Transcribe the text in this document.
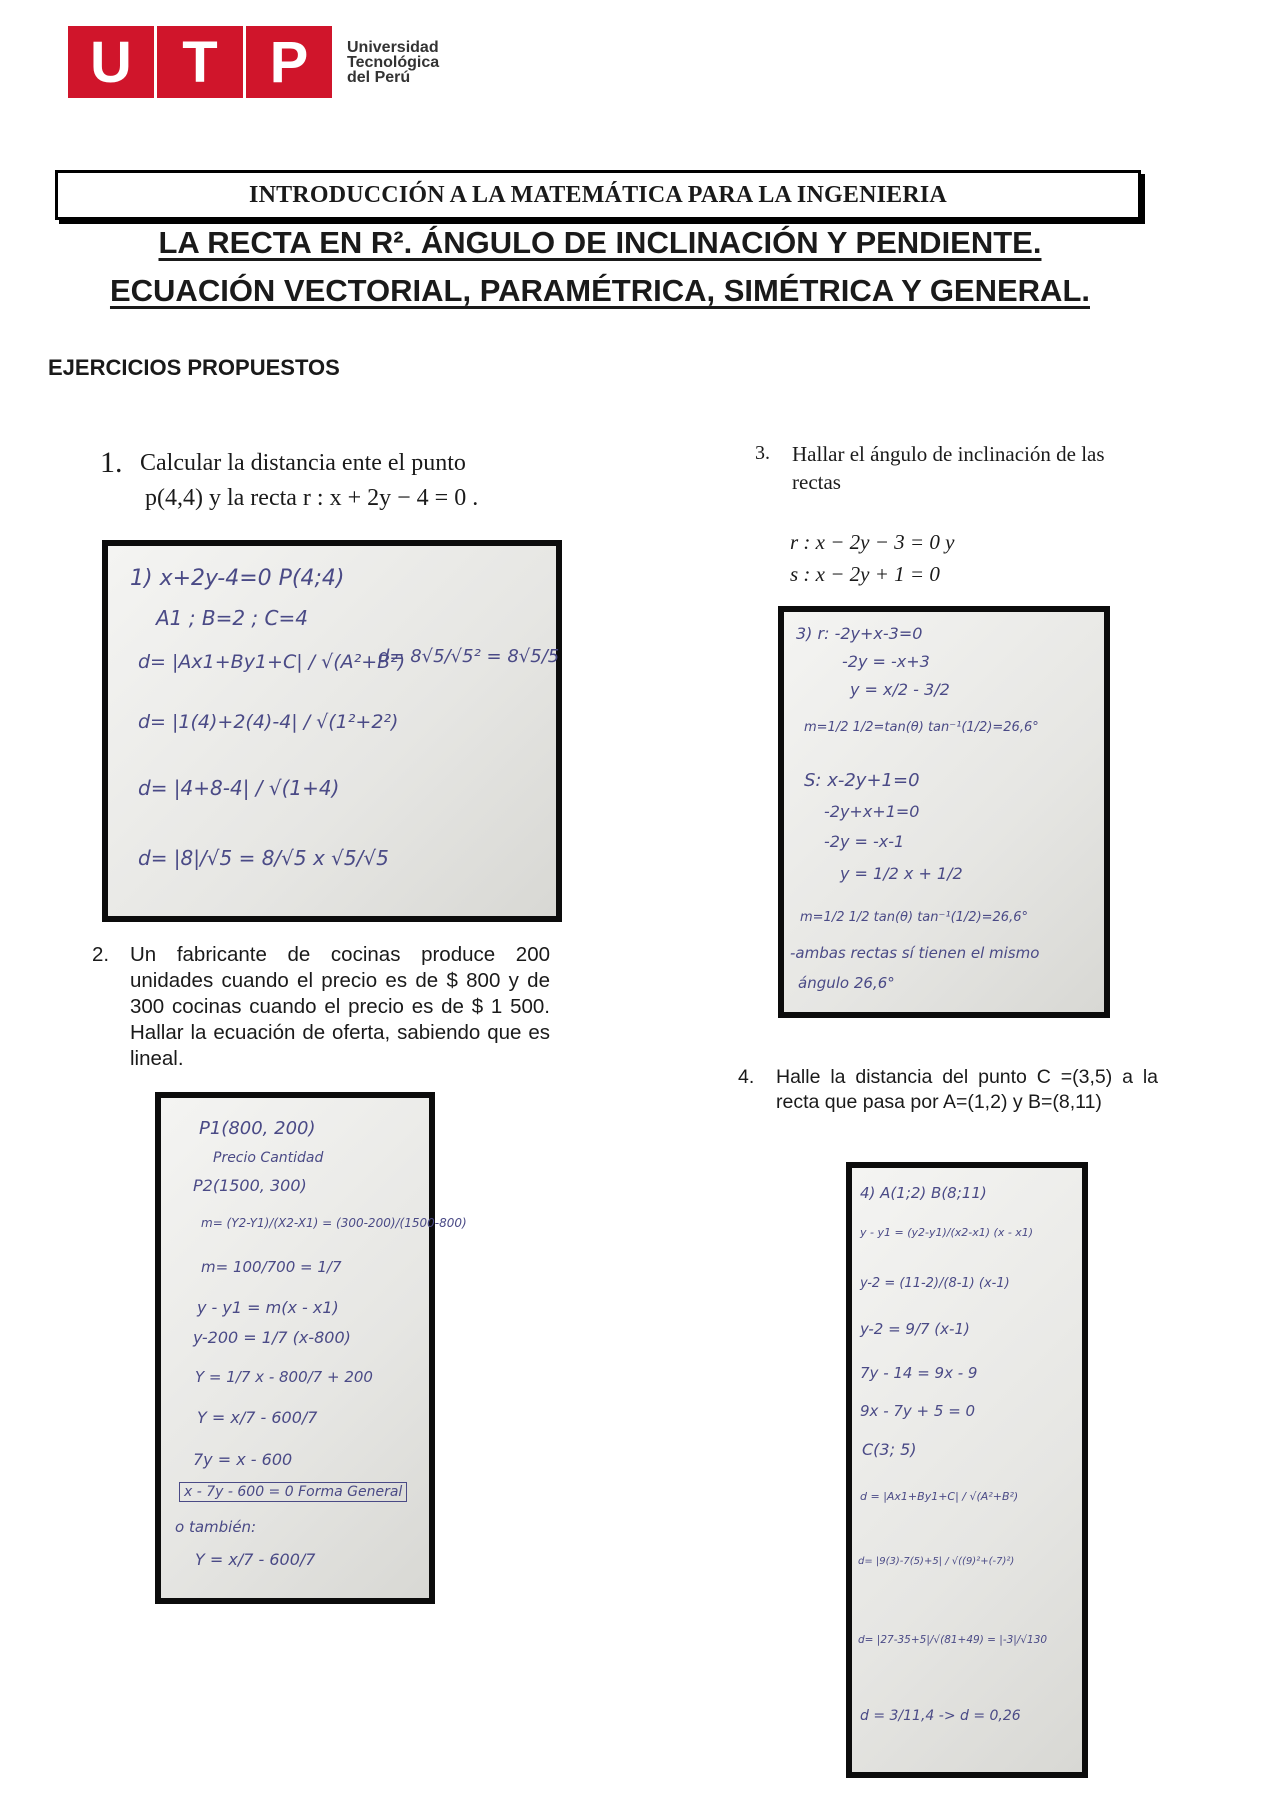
U T P	Universidad
Tecnológica
del Perú
INTRODUCCIÓN A LA MATEMÁTICA PARA LA INGENIERIA
LA RECTA EN R². ÁNGULO DE INCLINACIÓN Y PENDIENTE.
ECUACIÓN VECTORIAL, PARAMÉTRICA, SIMÉTRICA Y GENERAL.
EJERCICIOS PROPUESTOS
1. Calcular la distancia ente el punto
p(4,4) y la recta r : x + 2y − 4 = 0 .
3. Hallar el ángulo de inclinación de las
rectas
r : x − 2y − 3 = 0 y
s : x − 2y + 1 = 0
1) x+2y-4=0 P(4;4)
A1 ; B=2 ; C=4
d= |Ax1+By1+C| / √(A²+B²)
d= 8√5/√5² = 8√5/5
d= |1(4)+2(4)-4| / √(1²+2²)
d= |4+8-4| / √(1+4)
d= |8|/√5 = 8/√5 x √5/√5
2. Un fabricante de cocinas produce 200 unidades cuando el precio es de $ 800 y de 300 cocinas cuando el precio es de $ 1 500. Hallar la ecuación de oferta, sabiendo que es lineal.
P1(800, 200)
Precio Cantidad
P2(1500, 300)
m= (Y2-Y1)/(X2-X1) = (300-200)/(1500-800)
m= 100/700 = 1/7
y - y1 = m(x - x1)
y-200 = 1/7 (x-800)
Y = 1/7 x - 800/7 + 200
Y = x/7 - 600/7
7y = x - 600
x - 7y - 600 = 0 Forma General
o también:
Y = x/7 - 600/7
3) r: -2y+x-3=0
-2y = -x+3
y = x/2 - 3/2
m=1/2 1/2=tan(θ) tan⁻¹(1/2)=26,6°
S: x-2y+1=0
-2y+x+1=0
-2y = -x-1
y = 1/2 x + 1/2
m=1/2 1/2 tan(θ) tan⁻¹(1/2)=26,6°
-ambas rectas sí tienen el mismo
ángulo 26,6°
4. Halle la distancia del punto C =(3,5) a la recta que pasa por A=(1,2) y B=(8,11)
4) A(1;2) B(8;11)
y - y1 = (y2-y1)/(x2-x1) (x - x1)
y-2 = (11-2)/(8-1) (x-1)
y-2 = 9/7 (x-1)
7y - 14 = 9x - 9
9x - 7y + 5 = 0
C(3; 5)
d = |Ax1+By1+C| / √(A²+B²)
d= |9(3)-7(5)+5| / √((9)²+(-7)²)
d= |27-35+5|/√(81+49) = |-3|/√130
d = 3/11,4 -> d = 0,26
